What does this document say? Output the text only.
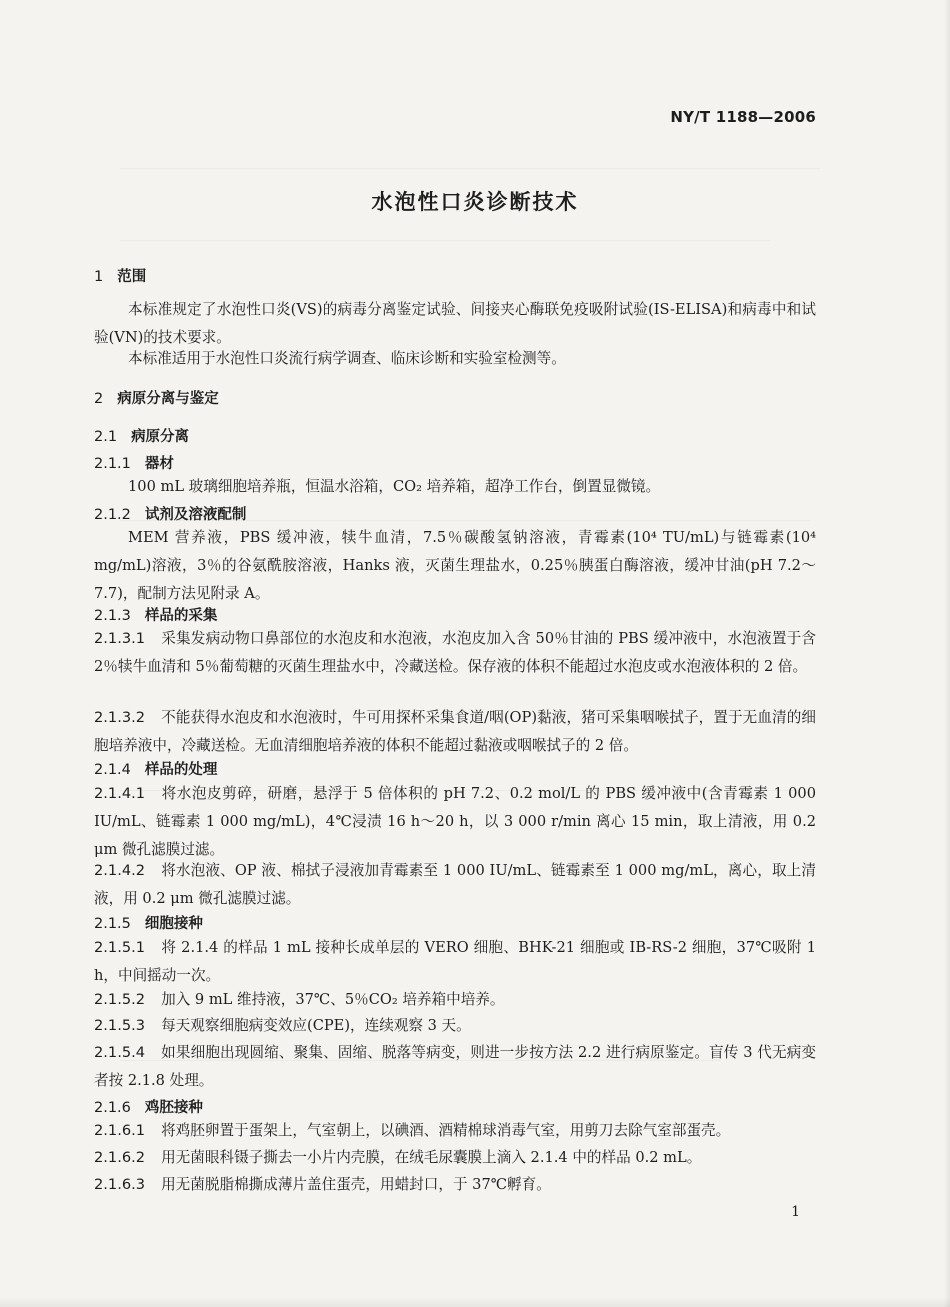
NY/T 1188—2006
水泡性口炎诊断技术
1 范围
本标准规定了水泡性口炎(VS)的病毒分离鉴定试验、间接夹心酶联免疫吸附试验(IS-ELISA)和病毒中和试验(VN)的技术要求。
本标准适用于水泡性口炎流行病学调查、临床诊断和实验室检测等。
2 病原分离与鉴定
2.1 病原分离
2.1.1 器材
100 mL 玻璃细胞培养瓶，恒温水浴箱，CO₂ 培养箱，超净工作台，倒置显微镜。
2.1.2 试剂及溶液配制
MEM 营养液，PBS 缓冲液，犊牛血清，7.5％碳酸氢钠溶液，青霉素(10⁴ TU/mL)与链霉素(10⁴ mg/mL)溶液，3％的谷氨酰胺溶液，Hanks 液，灭菌生理盐水，0.25％胰蛋白酶溶液，缓冲甘油(pH 7.2～7.7)，配制方法见附录 A。
2.1.3 样品的采集
2.1.3.1 采集发病动物口鼻部位的水泡皮和水泡液，水泡皮加入含 50％甘油的 PBS 缓冲液中，水泡液置于含 2％犊牛血清和 5％葡萄糖的灭菌生理盐水中，冷藏送检。保存液的体积不能超过水泡皮或水泡液体积的 2 倍。
2.1.3.2 不能获得水泡皮和水泡液时，牛可用探杯采集食道/咽(OP)黏液，猪可采集咽喉拭子，置于无血清的细胞培养液中，冷藏送检。无血清细胞培养液的体积不能超过黏液或咽喉拭子的 2 倍。
2.1.4 样品的处理
2.1.4.1 将水泡皮剪碎，研磨，悬浮于 5 倍体积的 pH 7.2、0.2 mol/L 的 PBS 缓冲液中(含青霉素 1 000 IU/mL、链霉素 1 000 mg/mL)，4℃浸渍 16 h～20 h，以 3 000 r/min 离心 15 min，取上清液，用 0.2 μm 微孔滤膜过滤。
2.1.4.2 将水泡液、OP 液、棉拭子浸液加青霉素至 1 000 IU/mL、链霉素至 1 000 mg/mL，离心，取上清液，用 0.2 μm 微孔滤膜过滤。
2.1.5 细胞接种
2.1.5.1 将 2.1.4 的样品 1 mL 接种长成单层的 VERO 细胞、BHK-21 细胞或 IB-RS-2 细胞，37℃吸附 1 h，中间摇动一次。
2.1.5.2 加入 9 mL 维持液，37℃、5％CO₂ 培养箱中培养。
2.1.5.3 每天观察细胞病变效应(CPE)，连续观察 3 天。
2.1.5.4 如果细胞出现圆缩、聚集、固缩、脱落等病变，则进一步按方法 2.2 进行病原鉴定。盲传 3 代无病变者按 2.1.8 处理。
2.1.6 鸡胚接种
2.1.6.1 将鸡胚卵置于蛋架上，气室朝上，以碘酒、酒精棉球消毒气室，用剪刀去除气室部蛋壳。
2.1.6.2 用无菌眼科镊子撕去一小片内壳膜，在绒毛尿囊膜上滴入 2.1.4 中的样品 0.2 mL。
2.1.6.3 用无菌脱脂棉撕成薄片盖住蛋壳，用蜡封口，于 37℃孵育。
1
